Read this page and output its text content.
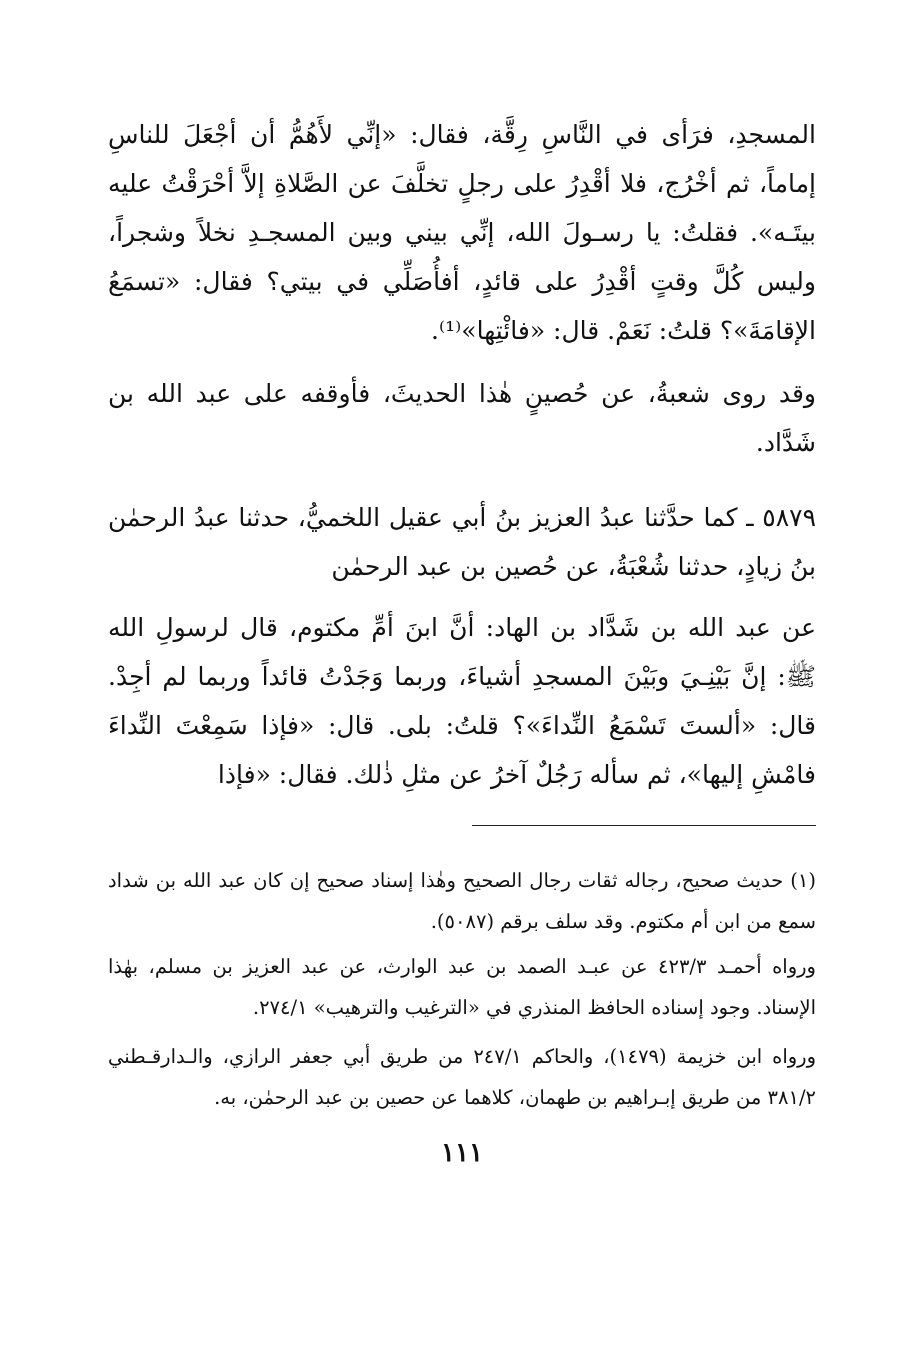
المسجدِ، فرَأى في النَّاسِ رِقَّة، فقال: «إنِّي لأَهُمُّ أن أجْعَلَ للناسِ إماماً، ثم أخْرُج، فلا أقْدِرُ على رجلٍ تخلَّفَ عن الصَّلاةِ إلاَّ أحْرَقْتُ عليه بيتَـه». فقلتُ: يا رسـولَ الله، إنِّي بيني وبين المسجـدِ نخلاً وشجراً، وليس كُلَّ وقتٍ أقْدِرُ على قائدٍ، أفأُصَلِّي في بيتي؟ فقال: «تسمَعُ الإقامَةَ»؟ قلتُ: نَعَمْ. قال: «فائْتِها»⁽¹⁾.

وقد روى شعبةُ، عن حُصينٍ هٰذا الحديثَ، فأوقفه على عبد الله بن شَدَّاد.

٥٨٧٩ ـ كما حدَّثنا عبدُ العزيز بنُ أبي عقيل اللخميُّ، حدثنا عبدُ الرحمٰن بنُ زيادٍ، حدثنا شُعْبَةُ، عن حُصين بن عبد الرحمٰن

عن عبد الله بن شَدَّاد بن الهاد: أنَّ ابنَ أمِّ مكتوم، قال لرسولِ الله ﷺ: إنَّ بَيْنِـيَ وبَيْنَ المسجدِ أشياءَ، وربما وَجَدْتُ قائداً وربما لم أجِدْ. قال: «ألستَ تَسْمَعُ النِّداءَ»؟ قلتُ: بلى. قال: «فإذا سَمِعْتَ النِّداءَ فامْشِ إليها»، ثم سأله رَجُلٌ آخرُ عن مثلِ ذٰلك. فقال: «فإذا

(١) حديث صحيح، رجاله ثقات رجال الصحيح وهٰذا إسناد صحيح إن كان عبد الله بن شداد سمع من ابن أم مكتوم. وقد سلف برقم (٥٠٨٧).

ورواه أحمـد ٤٢٣/٣ عن عبـد الصمد بن عبد الوارث، عن عبد العزيز بن مسلم، بهٰذا الإسناد. وجود إسناده الحافظ المنذري في «الترغيب والترهيب» ٢٧٤/١.

ورواه ابن خزيمة (١٤٧٩)، والحاكم ٢٤٧/١ من طريق أبي جعفر الرازي، والـدارقـطني ٣٨١/٢ من طريق إبـراهيم بن طهمان، كلاهما عن حصين بن عبد الرحمٰن، به.

١١١
